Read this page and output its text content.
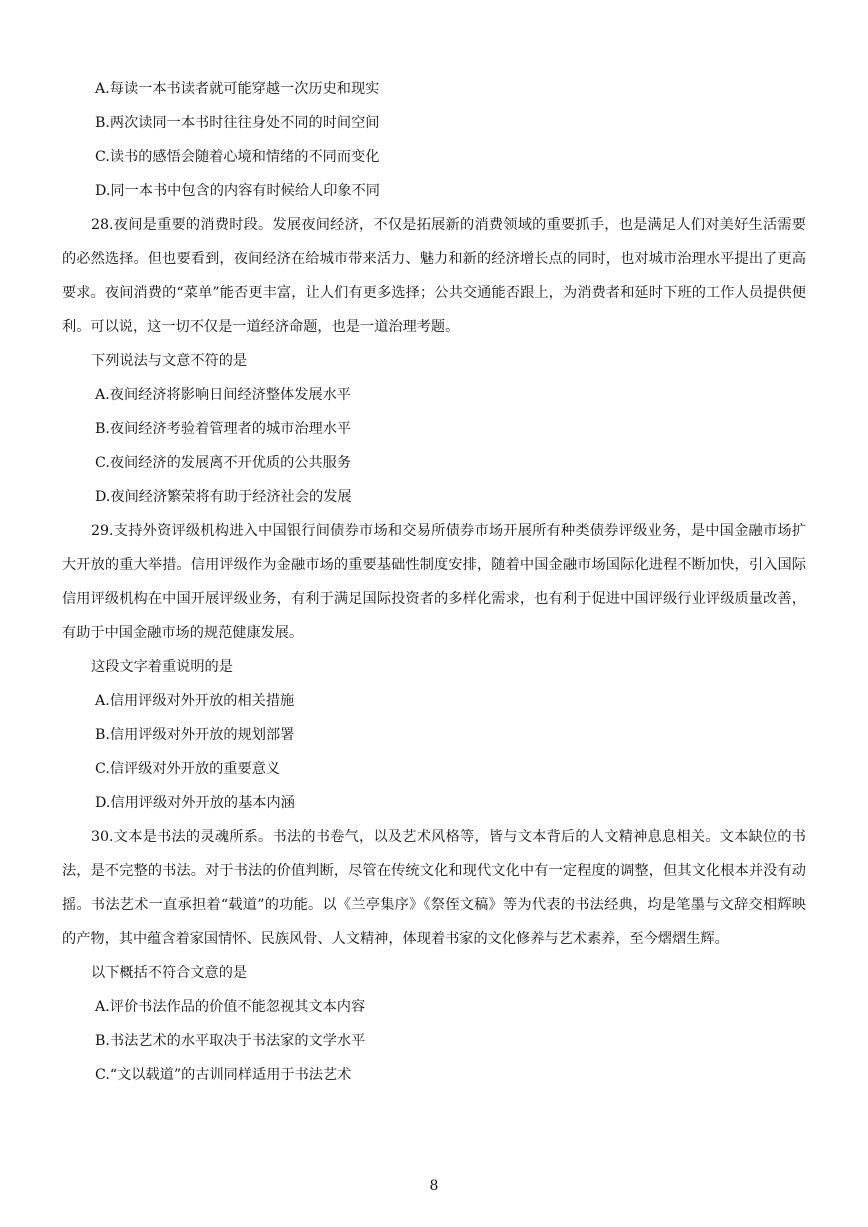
A.每读一本书读者就可能穿越一次历史和现实

B.两次读同一本书时往往身处不同的时间空间

C.读书的感悟会随着心境和情绪的不同而变化

D.同一本书中包含的内容有时候给人印象不同

28.夜间是重要的消费时段。发展夜间经济，不仅是拓展新的消费领域的重要抓手，也是满足人们对美好生活需要的必然选择。但也要看到，夜间经济在给城市带来活力、魅力和新的经济增长点的同时，也对城市治理水平提出了更高要求。夜间消费的“菜单”能否更丰富，让人们有更多选择；公共交通能否跟上，为消费者和延时下班的工作人员提供便利。可以说，这一切不仅是一道经济命题，也是一道治理考题。

下列说法与文意不符的是

A.夜间经济将影响日间经济整体发展水平

B.夜间经济考验着管理者的城市治理水平

C.夜间经济的发展离不开优质的公共服务

D.夜间经济繁荣将有助于经济社会的发展

29.支持外资评级机构进入中国银行间债券市场和交易所债券市场开展所有种类债券评级业务，是中国金融市场扩大开放的重大举措。信用评级作为金融市场的重要基础性制度安排，随着中国金融市场国际化进程不断加快，引入国际信用评级机构在中国开展评级业务，有利于满足国际投资者的多样化需求，也有利于促进中国评级行业评级质量改善，有助于中国金融市场的规范健康发展。

这段文字着重说明的是

A.信用评级对外开放的相关措施

B.信用评级对外开放的规划部署

C.信评级对外开放的重要意义

D.信用评级对外开放的基本内涵

30.文本是书法的灵魂所系。书法的书卷气，以及艺术风格等，皆与文本背后的人文精神息息相关。文本缺位的书法，是不完整的书法。对于书法的价值判断，尽管在传统文化和现代文化中有一定程度的调整，但其文化根本并没有动摇。书法艺术一直承担着“载道”的功能。以《兰亭集序》《祭侄文稿》等为代表的书法经典，均是笔墨与文辞交相辉映的产物，其中蕴含着家国情怀、民族风骨、人文精神，体现着书家的文化修养与艺术素养，至今熠熠生辉。

以下概括不符合文意的是

A.评价书法作品的价值不能忽视其文本内容

B.书法艺术的水平取决于书法家的文学水平

C.“文以载道”的古训同样适用于书法艺术

8
